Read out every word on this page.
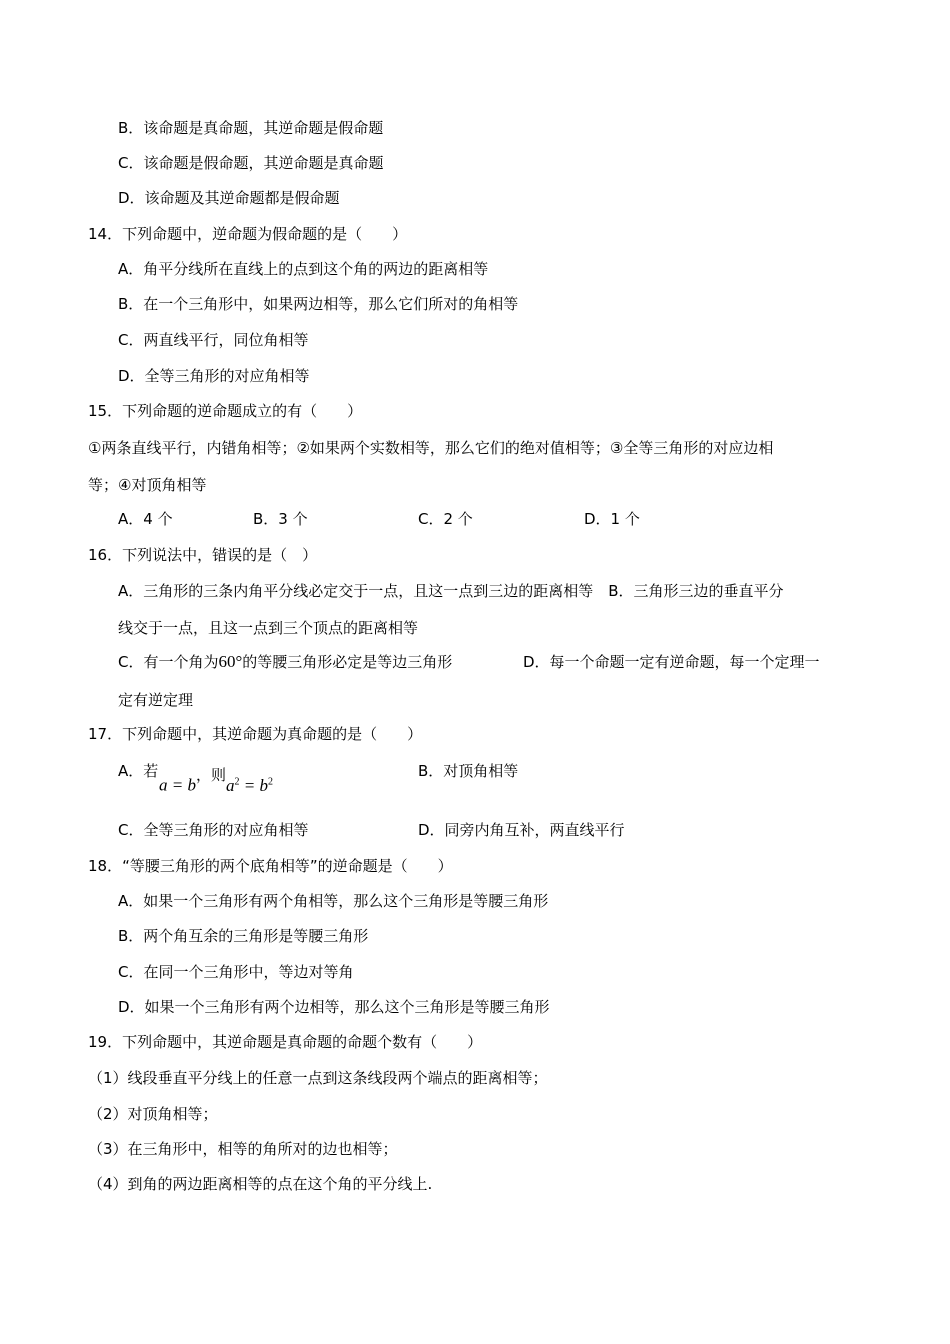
B．该命题是真命题，其逆命题是假命题
C．该命题是假命题，其逆命题是真命题
D．该命题及其逆命题都是假命题
14．下列命题中，逆命题为假命题的是（　　）
A．角平分线所在直线上的点到这个角的两边的距离相等
B．在一个三角形中，如果两边相等，那么它们所对的角相等
C．两直线平行，同位角相等
D．全等三角形的对应角相等
15．下列命题的逆命题成立的有（　　）
①两条直线平行，内错角相等；②如果两个实数相等，那么它们的绝对值相等；③全等三角形的对应边相
等；④对顶角相等
A．4 个	B．3 个	C．2 个	D．1 个
16．下列说法中，错误的是（　）
A．三角形的三条内角平分线必定交于一点，且这一点到三边的距离相等　B．三角形三边的垂直平分
线交于一点，且这一点到三个顶点的距离相等
C．有一个角为60°的等腰三角形必定是等边三角形	D．每一个命题一定有逆命题，每一个定理一
定有逆定理
17．下列命题中，其逆命题为真命题的是（　　）
A．若
a = b，则$a^2 = b^2$
B．对顶角相等
C．全等三角形的对应角相等	D．同旁内角互补，两直线平行
18．“等腰三角形的两个底角相等”的逆命题是（　　）
A．如果一个三角形有两个角相等，那么这个三角形是等腰三角形
B．两个角互余的三角形是等腰三角形
C．在同一个三角形中，等边对等角
D．如果一个三角形有两个边相等，那么这个三角形是等腰三角形
19．下列命题中，其逆命题是真命题的命题个数有（　　）
（1）线段垂直平分线上的任意一点到这条线段两个端点的距离相等；
（2）对顶角相等；
（3）在三角形中，相等的角所对的边也相等；
（4）到角的两边距离相等的点在这个角的平分线上.
